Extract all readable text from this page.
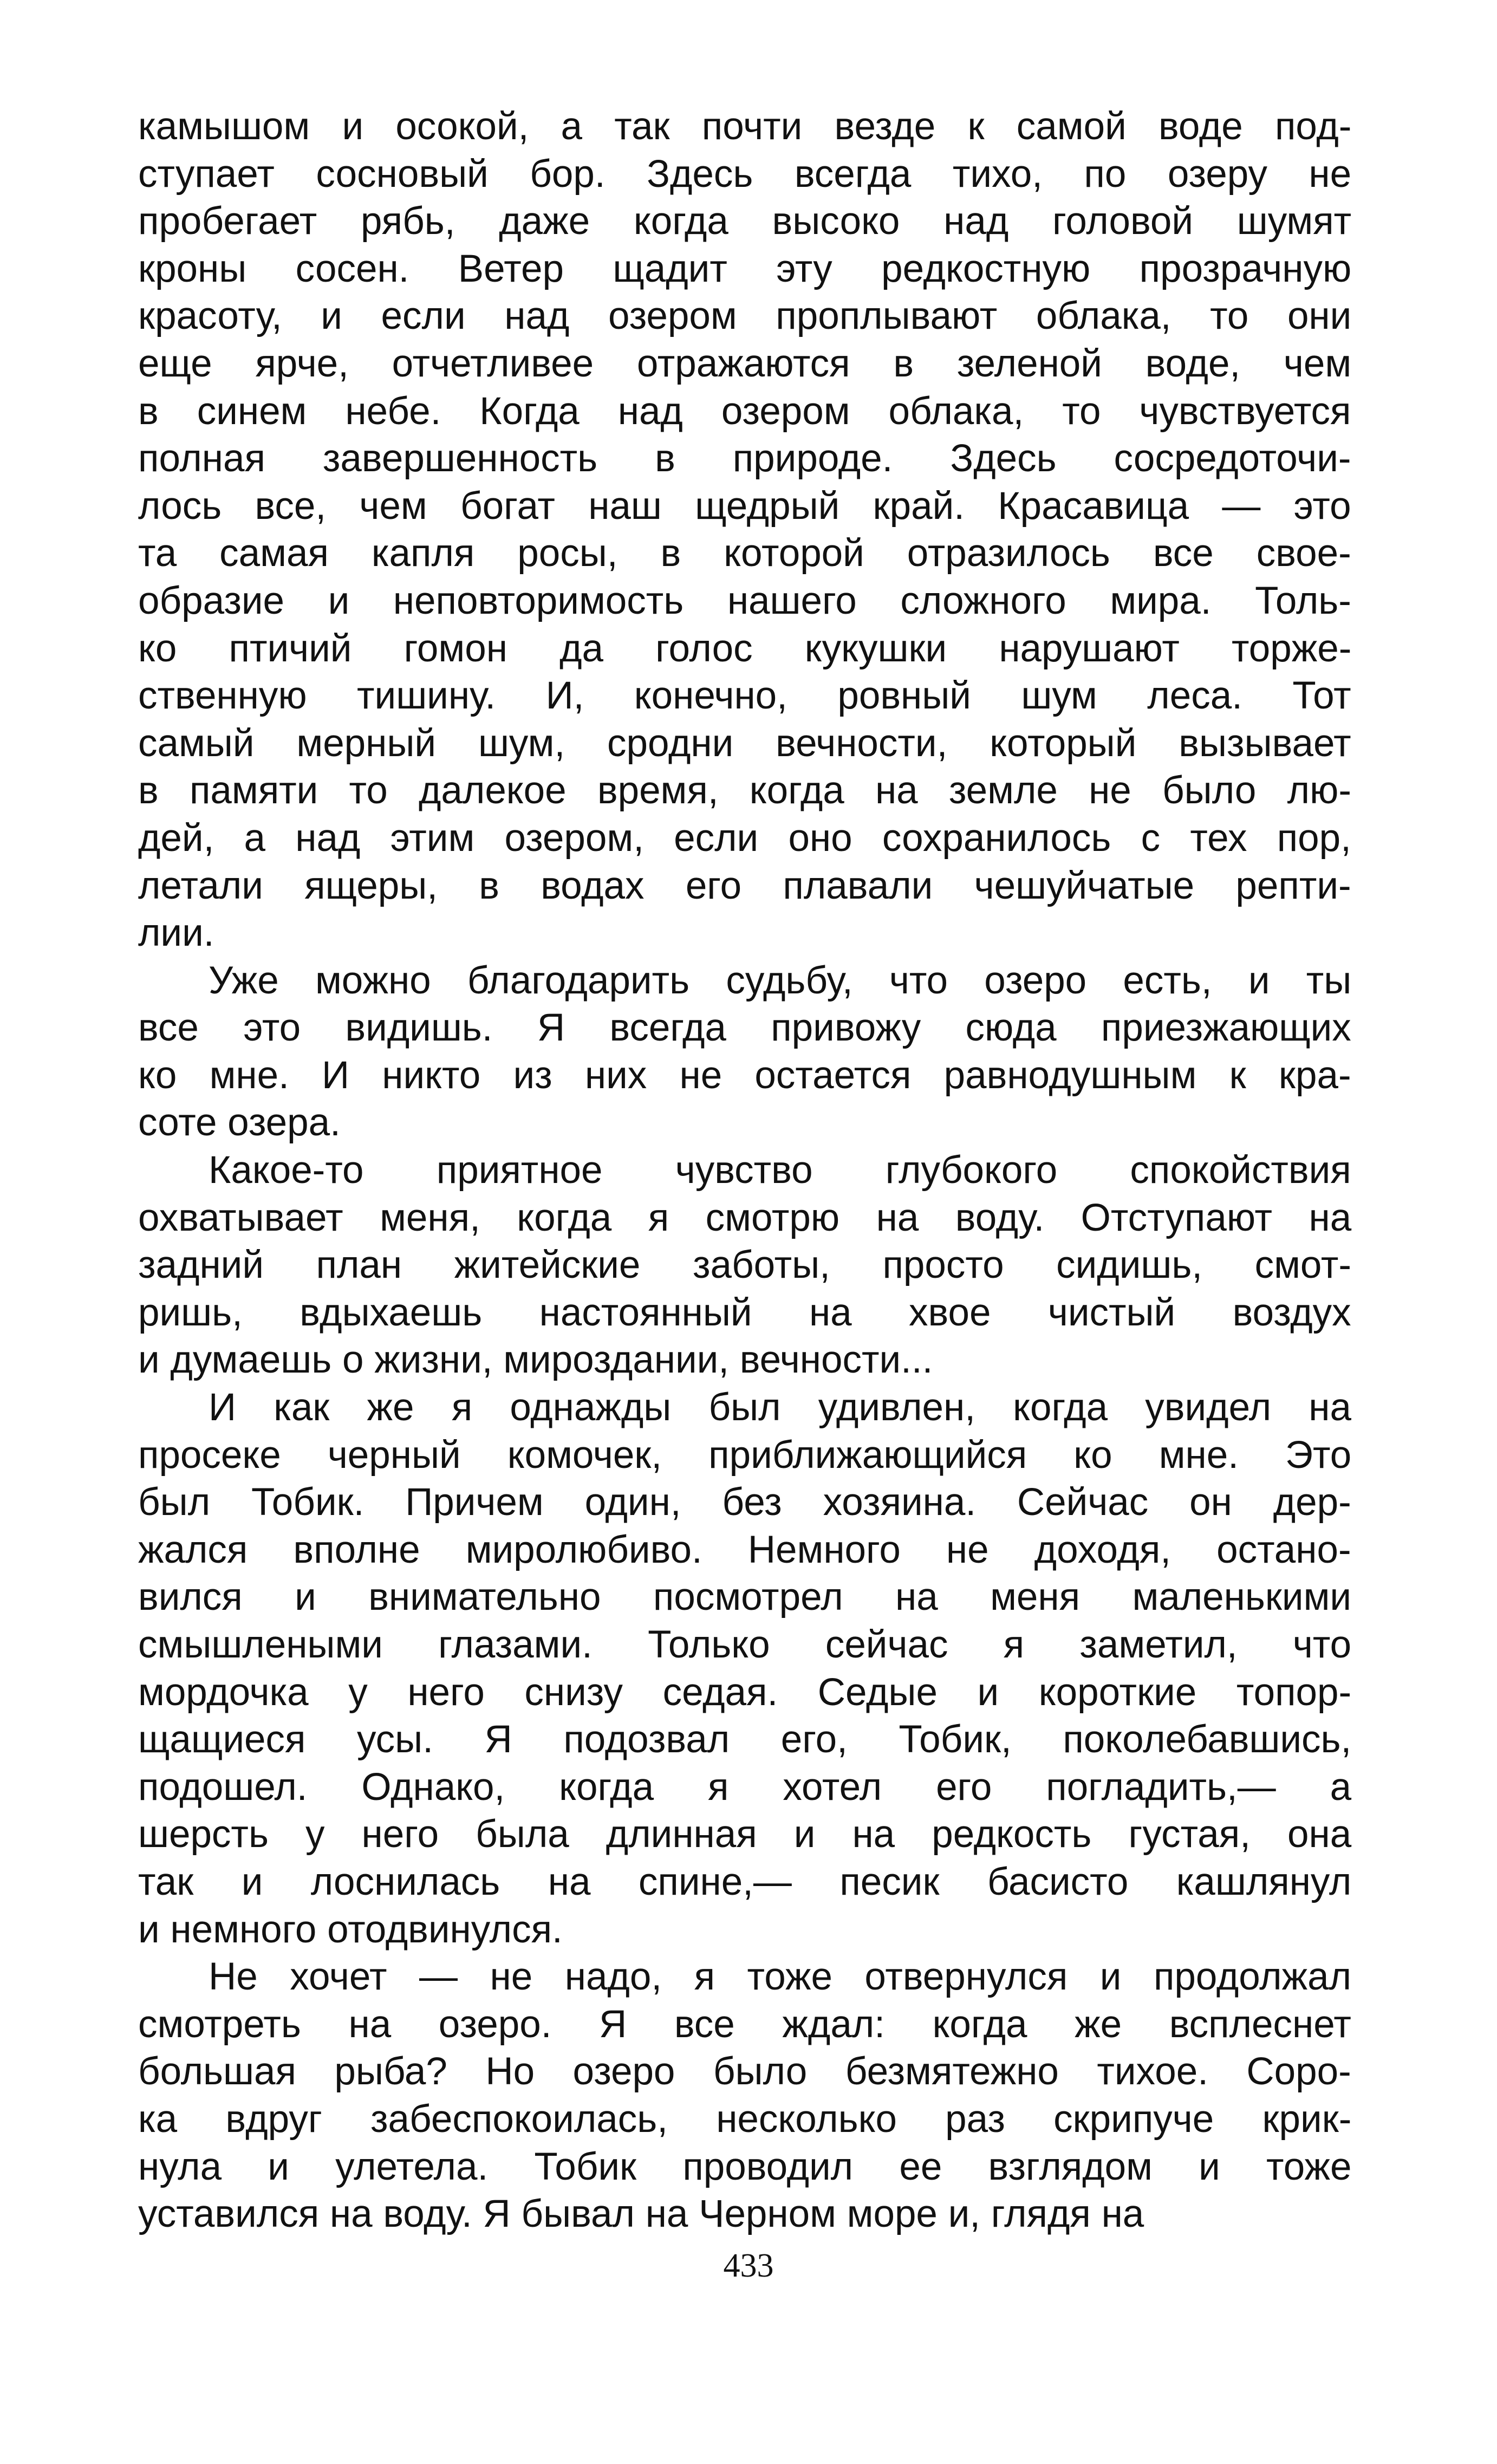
камышом и осокой, а так почти везде к самой воде под-
ступает сосновый бор. Здесь всегда тихо, по озеру не
пробегает рябь, даже когда высоко над головой шумят
кроны сосен. Ветер щадит эту редкостную прозрачную
красоту, и если над озером проплывают облака, то они
еще ярче, отчетливее отражаются в зеленой воде, чем
в синем небе. Когда над озером облака, то чувствуется
полная завершенность в природе. Здесь сосредоточи-
лось все, чем богат наш щедрый край. Красавица — это
та самая капля росы, в которой отразилось все свое-
образие и неповторимость нашего сложного мира. Толь-
ко птичий гомон да голос кукушки нарушают торже-
ственную тишину. И, конечно, ровный шум леса. Тот
самый мерный шум, сродни вечности, который вызывает
в памяти то далекое время, когда на земле не было лю-
дей, а над этим озером, если оно сохранилось с тех пор,
летали ящеры, в водах его плавали чешуйчатые репти-
лии.
Уже можно благодарить судьбу, что озеро есть, и ты
все это видишь. Я всегда привожу сюда приезжающих
ко мне. И никто из них не остается равнодушным к кра-
соте озера.
Какое-то приятное чувство глубокого спокойствия
охватывает меня, когда я смотрю на воду. Отступают на
задний план житейские заботы, просто сидишь, смот-
ришь, вдыхаешь настоянный на хвое чистый воздух
и думаешь о жизни, мироздании, вечности...
И как же я однажды был удивлен, когда увидел на
просеке черный комочек, приближающийся ко мне. Это
был Тобик. Причем один, без хозяина. Сейчас он дер-
жался вполне миролюбиво. Немного не доходя, остано-
вился и внимательно посмотрел на меня маленькими
смышлеными глазами. Только сейчас я заметил, что
мордочка у него снизу седая. Седые и короткие топор-
щащиеся усы. Я подозвал его, Тобик, поколебавшись,
подошел. Однако, когда я хотел его погладить,— а
шерсть у него была длинная и на редкость густая, она
так и лоснилась на спине,— песик басисто кашлянул
и немного отодвинулся.
Не хочет — не надо, я тоже отвернулся и продолжал
смотреть на озеро. Я все ждал: когда же всплеснет
большая рыба? Но озеро было безмятежно тихое. Соро-
ка вдруг забеспокоилась, несколько раз скрипуче крик-
нула и улетела. Тобик проводил ее взглядом и тоже
уставился на воду. Я бывал на Черном море и, глядя на
433
